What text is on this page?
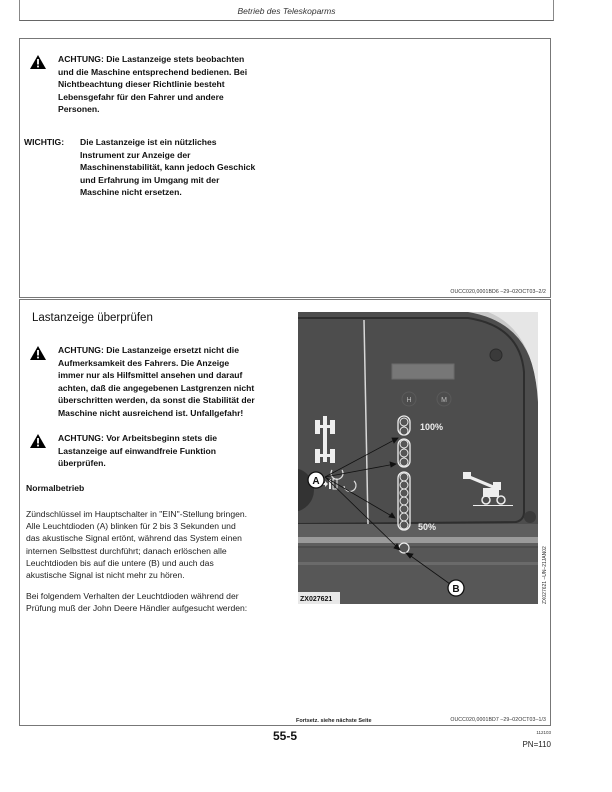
Betrieb des Teleskoparms
ACHTUNG: Die Lastanzeige stets beobachten
und die Maschine entsprechend bedienen. Bei
Nichtbeachtung dieser Richtlinie besteht
Lebensgefahr für den Fahrer und andere
Personen.
WICHTIG:	Die Lastanzeige ist ein nützliches
Instrument zur Anzeige der
Maschinenstabilität, kann jedoch Geschick
und Erfahrung im Umgang mit der
Maschine nicht ersetzen.
OUCC020,0001BD6 –29–02OCT03–2/2
Lastanzeige überprüfen
ACHTUNG: Die Lastanzeige ersetzt nicht die
Aufmerksamkeit des Fahrers. Die Anzeige
immer nur als Hilfsmittel ansehen und darauf
achten, daß die angegebenen Lastgrenzen nicht
überschritten werden, da sonst die Stabilität der
Maschine nicht ausreichend ist. Unfallgefahr!
ACHTUNG: Vor Arbeitsbeginn stets die
Lastanzeige auf einwandfreie Funktion
überprüfen.
Normalbetrieb
Zündschlüssel im Hauptschalter in "EIN"-Stellung bringen.
Alle Leuchtdioden (A) blinken für 2 bis 3 Sekunden und
das akustische Signal ertönt, während das System einen
internen Selbsttest durchführt; danach erlöschen alle
Leuchtdioden bis auf die untere (B) und auch das
akustische Signal ist nicht mehr zu hören.
Bei folgendem Verhalten der Leuchtdioden während der
Prüfung muß der John Deere Händler aufgesucht werden:
H	M
100%
50%
A
B
ZX027621	ZX027621 –UN–21JAN02
Fortsetz. siehe nächste Seite	OUCC020,0001BD7 –29–02OCT03–1/3
55-5	112103
PN=110
